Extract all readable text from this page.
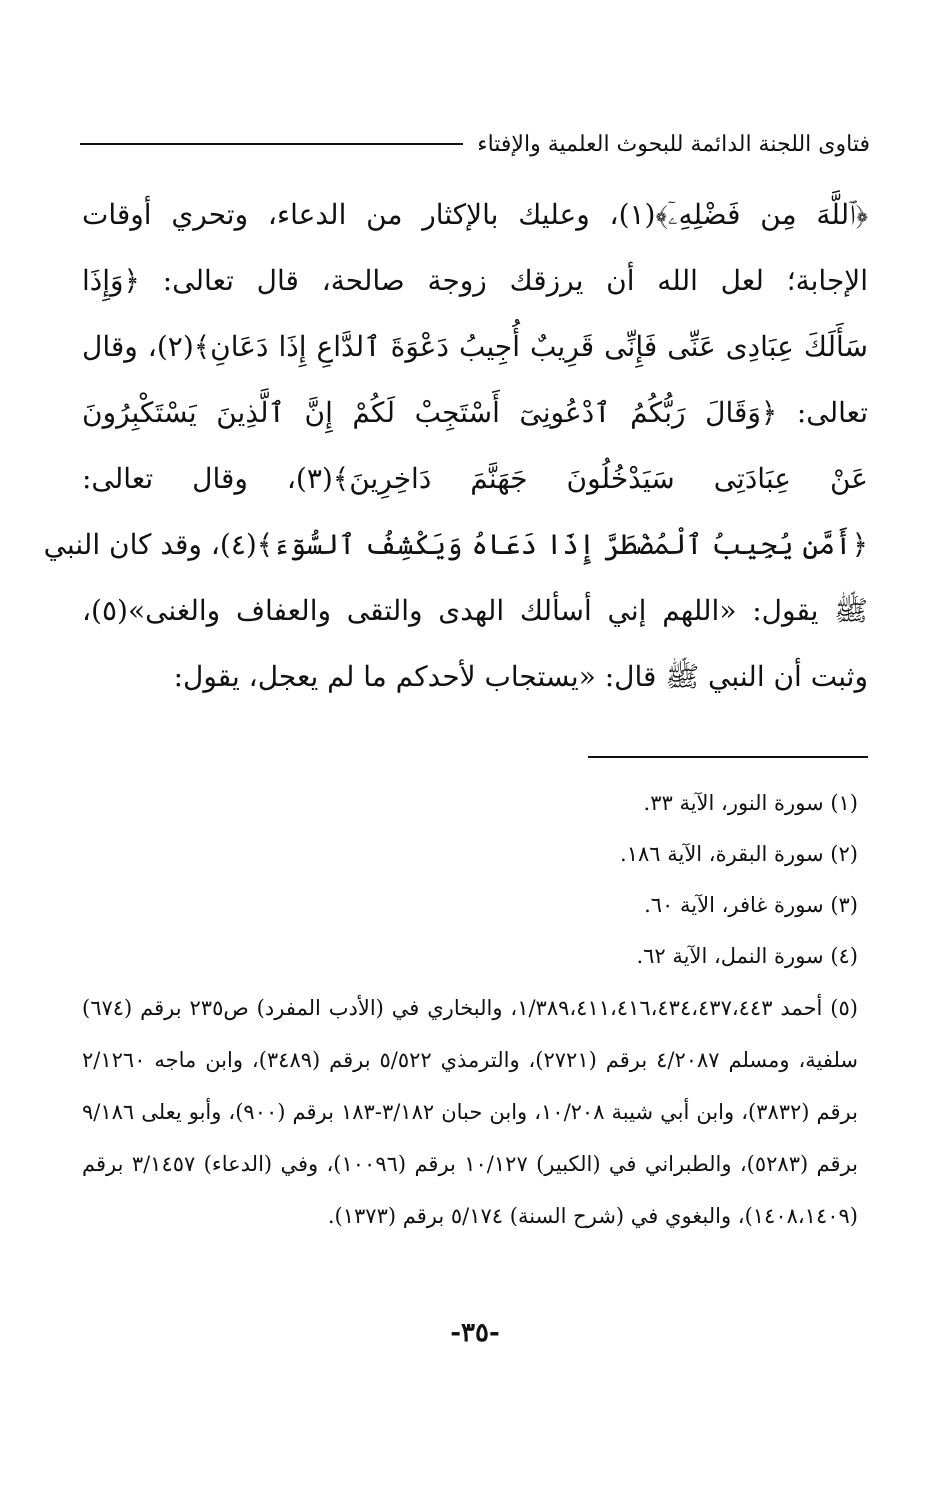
فتاوى اللجنة الدائمة للبحوث العلمية والإفتاء
﴿ٱللَّهَ مِن فَضْلِهِۦٓ﴾(١)، وعليك بالإكثار من الدعاء، وتحري أوقات
الإجابة؛ لعل الله أن يرزقك زوجة صالحة، قال تعالى: ﴿وَإِذَا
سَأَلَكَ عِبَادِى عَنِّى فَإِنِّى قَرِيبٌ أُجِيبُ دَعْوَةَ ٱلدَّاعِ إِذَا دَعَانِ﴾(٢)، وقال
تعالى: ﴿وَقَالَ رَبُّكُمُ ٱدْعُونِىٓ أَسْتَجِبْ لَكُمْ إِنَّ ٱلَّذِينَ يَسْتَكْبِرُونَ
عَنْ عِبَادَتِى سَيَدْخُلُونَ جَهَنَّمَ دَاخِرِينَ﴾(٣)، وقال تعالى:
﴿أَمَّن يُجِيبُ ٱلْمُضْطَرَّ إِذَا دَعَاهُ وَيَكْشِفُ ٱلسُّوٓءَ﴾(٤)، وقد كان النبي
ﷺ يقول: «اللهم إني أسألك الهدى والتقى والعفاف والغنى»(٥)،
وثبت أن النبي ﷺ قال: «يستجاب لأحدكم ما لم يعجل، يقول:
(١) سورة النور، الآية ٣٣.
(٢) سورة البقرة، الآية ١٨٦.
(٣) سورة غافر، الآية ٦٠.
(٤) سورة النمل، الآية ٦٢.
(٥) أحمد ١/٣٨٩،٤١١،٤١٦،٤٣٤،٤٣٧،٤٤٣، والبخاري في (الأدب المفرد) ص٢٣٥ برقم (٦٧٤) سلفية، ومسلم ٤/٢٠٨٧ برقم (٢٧٢١)، والترمذي ٥/٥٢٢ برقم (٣٤٨٩)، وابن ماجه ٢/١٢٦٠ برقم (٣٨٣٢)، وابن أبي شيبة ١٠/٢٠٨، وابن حبان ٣/١٨٢-١٨٣ برقم (٩٠٠)، وأبو يعلى ٩/١٨٦ برقم (٥٢٨٣)، والطبراني في (الكبير) ١٠/١٢٧ برقم (١٠٠٩٦)، وفي (الدعاء) ٣/١٤٥٧ برقم (١٤٠٨،١٤٠٩)، والبغوي في (شرح السنة) ٥/١٧٤ برقم (١٣٧٣).
-٣٥-
